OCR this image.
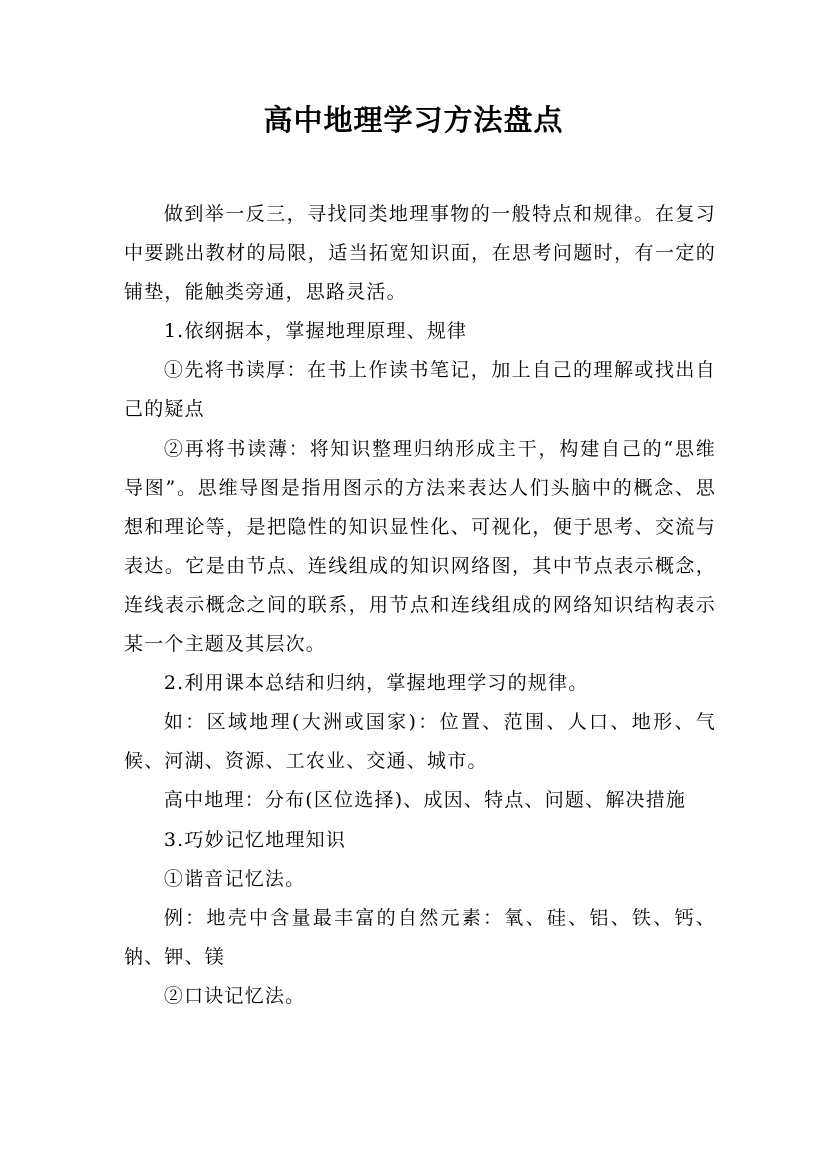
高中地理学习方法盘点

做到举一反三，寻找同类地理事物的一般特点和规律。在复习中要跳出教材的局限，适当拓宽知识面，在思考问题时，有一定的铺垫，能触类旁通，思路灵活。

1.依纲据本，掌握地理原理、规律

①先将书读厚：在书上作读书笔记，加上自己的理解或找出自己的疑点

②再将书读薄：将知识整理归纳形成主干，构建自己的“思维导图”。思维导图是指用图示的方法来表达人们头脑中的概念、思想和理论等，是把隐性的知识显性化、可视化，便于思考、交流与表达。它是由节点、连线组成的知识网络图，其中节点表示概念，连线表示概念之间的联系，用节点和连线组成的网络知识结构表示某一个主题及其层次。

2.利用课本总结和归纳，掌握地理学习的规律。

如：区域地理(大洲或国家)：位置、范围、人口、地形、气候、河湖、资源、工农业、交通、城市。

高中地理：分布(区位选择)、成因、特点、问题、解决措施

3.巧妙记忆地理知识

①谐音记忆法。

例：地壳中含量最丰富的自然元素：氧、硅、铝、铁、钙、钠、钾、镁

②口诀记忆法。
